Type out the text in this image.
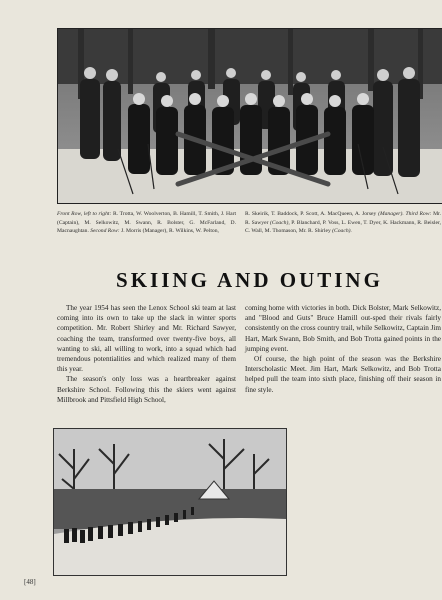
Front Row, left to right: R. Trotta, W. Woolverton, B. Hamill, T. Smith, J. Hart (Captain), M. Selkowitz, M. Swann, R. Bolster, G. McFarland, D. Macnaughtan. Second Row: J. Morris (Manager), R. Wilkins, W. Pelton,
R. Skeirik, T. Baddock, P. Scott, A. MacQueen, A. Jorsey (Manager). Third Row: Mr. R. Sawyer (Coach), P. Blanchard, P. Voss, L. Ewen, T. Dyer, K. Hackmann, R. Beisler, C. Wall, M. Thomason, Mr. R. Shirley (Coach).
SKIING AND OUTING

The year 1954 has seen the Lenox School ski team at last coming into its own to take up the slack in winter sports competition. Mr. Robert Shirley and Mr. Richard Sawyer, coaching the team, transformed over twenty-five boys, all wanting to ski, all willing to work, into a squad which had tremendous potentialities and which realized many of them this year.

The season's only loss was a heartbreaker against Berkshire School. Following this the skiers went against Millbrook and Pittsfield High School,

coming home with victories in both. Dick Bolster, Mark Selkowitz, and "Blood and Guts" Bruce Hamill out-sped their rivals fairly consistently on the cross country trail, while Selkowitz, Captain Jim Hart, Mark Swann, Bob Smith, and Bob Trotta gained points in the jumping event.

Of course, the high point of the season was the Berkshire Interscholastic Meet. Jim Hart, Mark Selkowitz, and Bob Trotta helped pull the team into sixth place, finishing off their season in fine style.

[48]
